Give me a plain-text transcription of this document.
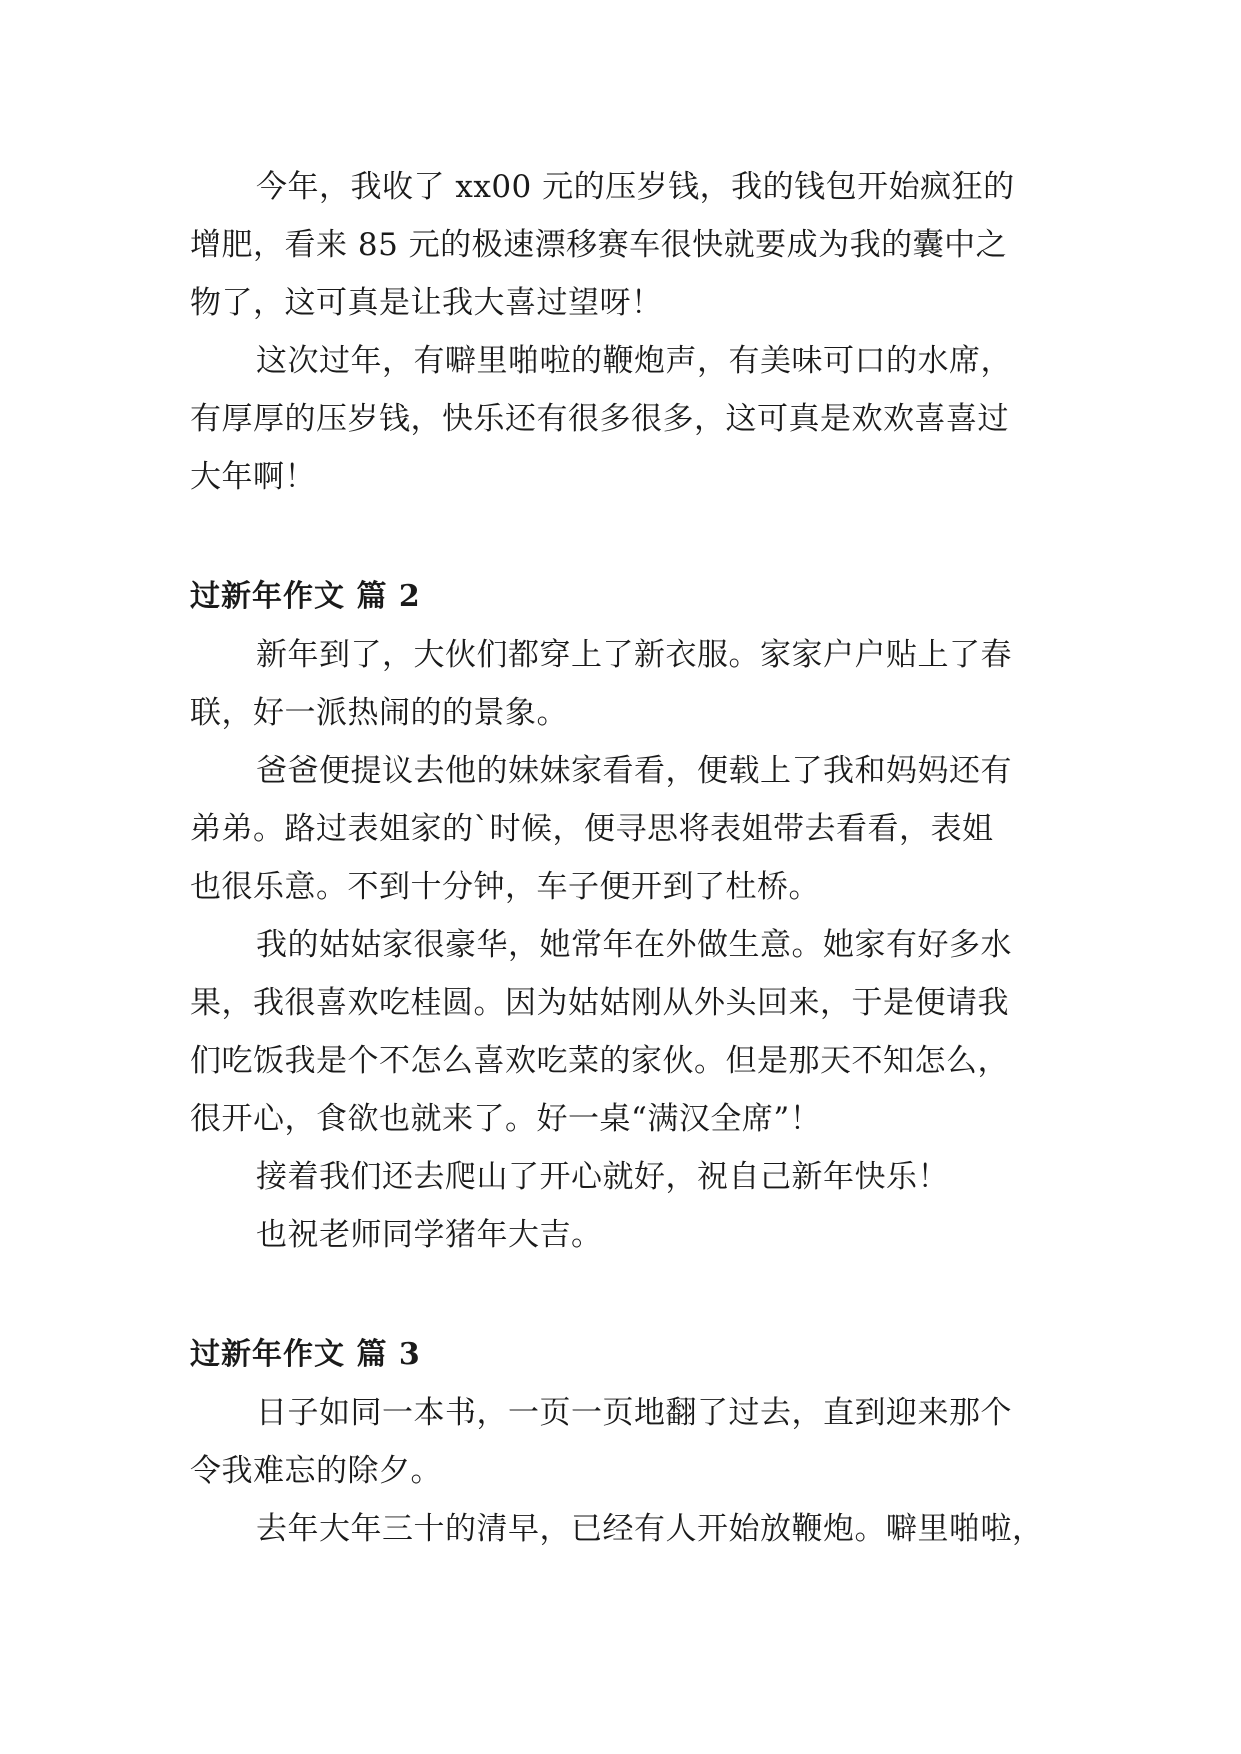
今年，我收了 xx00 元的压岁钱，我的钱包开始疯狂的
增肥，看来 85 元的极速漂移赛车很快就要成为我的囊中之
物了，这可真是让我大喜过望呀！

这次过年，有噼里啪啦的鞭炮声，有美味可口的水席，
有厚厚的压岁钱，快乐还有很多很多，这可真是欢欢喜喜过
大年啊！

过新年作文 篇 2

新年到了，大伙们都穿上了新衣服。家家户户贴上了春
联，好一派热闹的的景象。

爸爸便提议去他的妹妹家看看，便载上了我和妈妈还有
弟弟。路过表姐家的`时候，便寻思将表姐带去看看，表姐
也很乐意。不到十分钟，车子便开到了杜桥。

我的姑姑家很豪华，她常年在外做生意。她家有好多水
果，我很喜欢吃桂圆。因为姑姑刚从外头回来，于是便请我
们吃饭我是个不怎么喜欢吃菜的家伙。但是那天不知怎么，
很开心，食欲也就来了。好一桌“满汉全席”！

接着我们还去爬山了开心就好，祝自己新年快乐！

也祝老师同学猪年大吉。

过新年作文 篇 3

日子如同一本书，一页一页地翻了过去，直到迎来那个
令我难忘的除夕。

去年大年三十的清早，已经有人开始放鞭炮。噼里啪啦，
